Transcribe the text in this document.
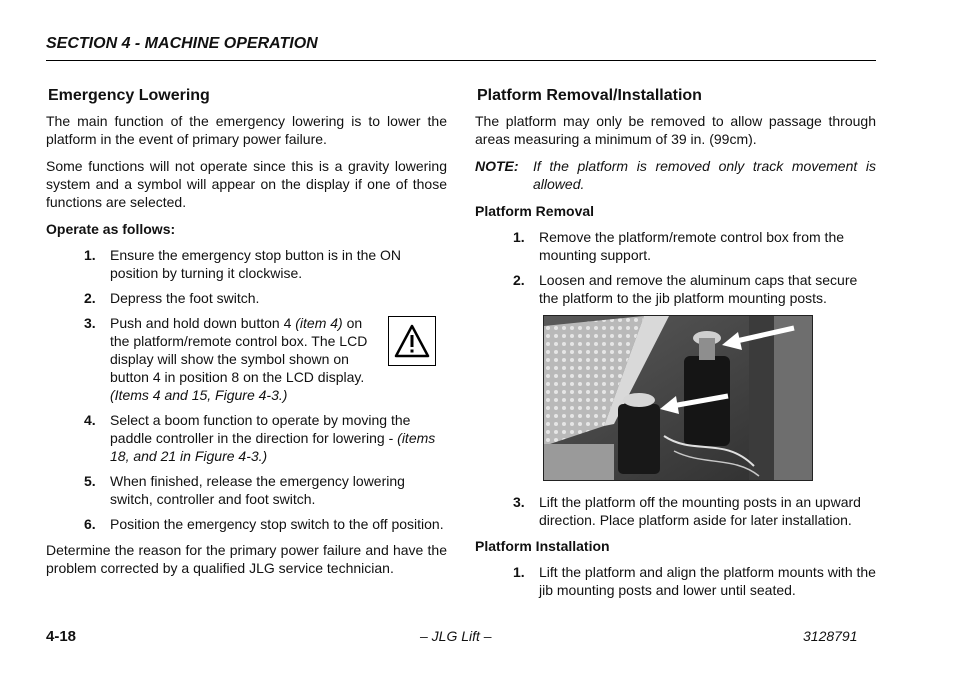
SECTION 4 - MACHINE OPERATION
Emergency Lowering

The main function of the emergency lowering is to lower the platform in the event of primary power failure.

Some functions will not operate since this is a gravity lowering system and a symbol will appear on the display if one of those functions are selected.

Operate as follows:
1. Ensure the emergency stop button is in the ON position by turning it clockwise.
2. Depress the foot switch.
3. Push and hold down button 4 (item 4) on the platform/remote control box. The LCD display will show the symbol shown on button 4 in position 8 on the LCD display. (Items 4 and 15, Figure 4-3.)
4. Select a boom function to operate by moving the paddle controller in the direction for lowering - (items 18, and 21 in Figure 4-3.)
5. When finished, release the emergency lowering switch, controller and foot switch.
6. Position the emergency stop switch to the off position.

Determine the reason for the primary power failure and have the problem corrected by a qualified JLG service technician.

Platform Removal/Installation

The platform may only be removed to allow passage through areas measuring a minimum of 39 in. (99cm).

NOTE:	If the platform is removed only track movement is allowed.
Platform Removal
1. Remove the platform/remote control box from the mounting support.
2. Loosen and remove the aluminum caps that secure the platform to the jib platform mounting posts.
3. Lift the platform off the mounting posts in an upward direction. Place platform aside for later installation.
Platform Installation
1. Lift the platform and align the platform mounts with the jib mounting posts and lower until seated.
4-18	– JLG Lift –	3128791
